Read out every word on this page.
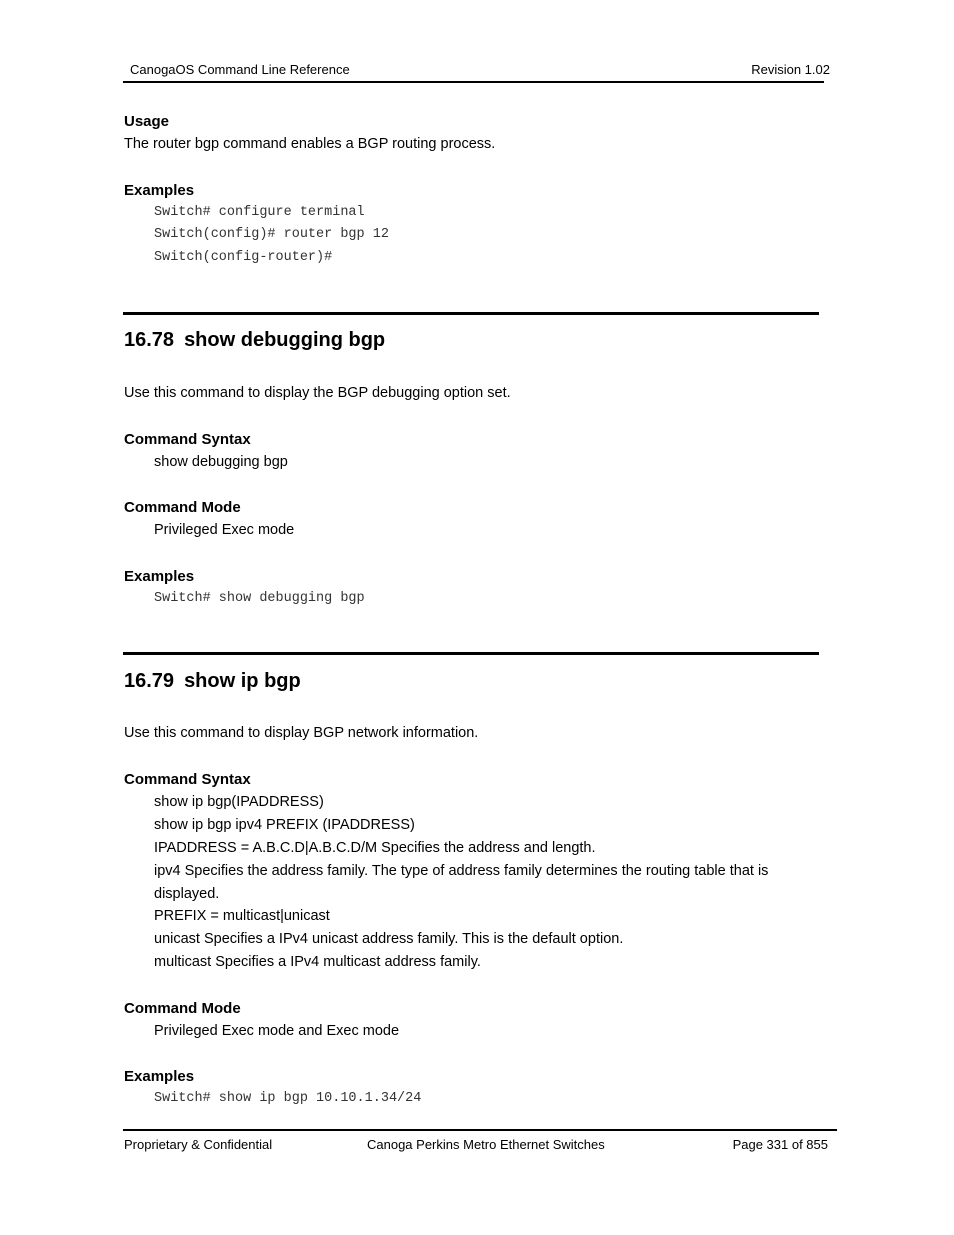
CanogaOS Command Line Reference	Revision 1.02
Usage
The router bgp command enables a BGP routing process.
Examples
Switch# configure terminal
Switch(config)# router bgp 12
Switch(config-router)#
16.78 show debugging bgp
Use this command to display the BGP debugging option set.
Command Syntax
show debugging bgp
Command Mode
Privileged Exec mode
Examples
Switch# show debugging bgp
16.79 show ip bgp
Use this command to display BGP network information.
Command Syntax
show ip bgp(IPADDRESS)
show ip bgp ipv4 PREFIX (IPADDRESS)
IPADDRESS = A.B.C.D|A.B.C.D/M Specifies the address and length.
ipv4 Specifies the address family. The type of address family determines the routing table that is
displayed.
PREFIX = multicast|unicast
unicast Specifies a IPv4 unicast address family. This is the default option.
multicast Specifies a IPv4 multicast address family.
Command Mode
Privileged Exec mode and Exec mode
Examples
Switch# show ip bgp 10.10.1.34/24
Proprietary & Confidential	Canoga Perkins Metro Ethernet Switches	Page 331 of 855
